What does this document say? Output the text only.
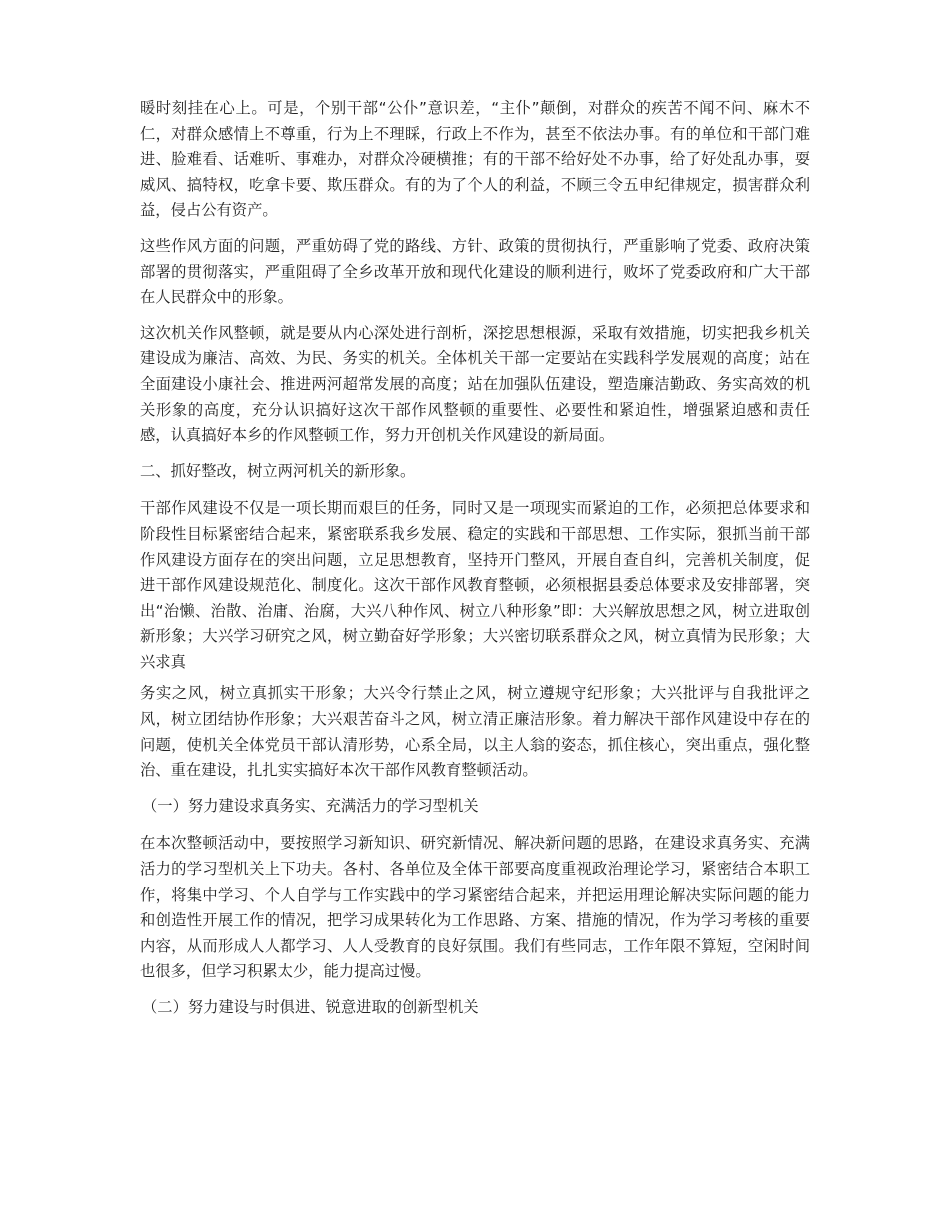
暖时刻挂在心上。可是，个别干部“公仆”意识差，“主仆”颠倒，对群众的疾苦不闻不问、麻木不仁，对群众感情上不尊重，行为上不理睬，行政上不作为，甚至不依法办事。有的单位和干部门难进、脸难看、话难听、事难办，对群众冷硬横推；有的干部不给好处不办事，给了好处乱办事，耍威风、搞特权，吃拿卡要、欺压群众。有的为了个人的利益，不顾三令五申纪律规定，损害群众利益，侵占公有资产。

这些作风方面的问题，严重妨碍了党的路线、方针、政策的贯彻执行，严重影响了党委、政府决策部署的贯彻落实，严重阻碍了全乡改革开放和现代化建设的顺利进行，败坏了党委政府和广大干部在人民群众中的形象。

这次机关作风整顿，就是要从内心深处进行剖析，深挖思想根源，采取有效措施，切实把我乡机关建设成为廉洁、高效、为民、务实的机关。全体机关干部一定要站在实践科学发展观的高度；站在全面建设小康社会、推进两河超常发展的高度；站在加强队伍建设，塑造廉洁勤政、务实高效的机关形象的高度，充分认识搞好这次干部作风整顿的重要性、必要性和紧迫性，增强紧迫感和责任感，认真搞好本乡的作风整顿工作，努力开创机关作风建设的新局面。

二、抓好整改，树立两河机关的新形象。

干部作风建设不仅是一项长期而艰巨的任务，同时又是一项现实而紧迫的工作，必须把总体要求和阶段性目标紧密结合起来，紧密联系我乡发展、稳定的实践和干部思想、工作实际，狠抓当前干部作风建设方面存在的突出问题，立足思想教育，坚持开门整风，开展自查自纠，完善机关制度，促进干部作风建设规范化、制度化。这次干部作风教育整顿，必须根据县委总体要求及安排部署，突出“治懒、治散、治庸、治腐，大兴八种作风、树立八种形象”即：大兴解放思想之风，树立进取创新形象；大兴学习研究之风，树立勤奋好学形象；大兴密切联系群众之风，树立真情为民形象；大兴求真

务实之风，树立真抓实干形象；大兴令行禁止之风，树立遵规守纪形象；大兴批评与自我批评之风，树立团结协作形象；大兴艰苦奋斗之风，树立清正廉洁形象。着力解决干部作风建设中存在的问题，使机关全体党员干部认清形势，心系全局，以主人翁的姿态，抓住核心，突出重点，强化整治、重在建设，扎扎实实搞好本次干部作风教育整顿活动。

（一）努力建设求真务实、充满活力的学习型机关

在本次整顿活动中，要按照学习新知识、研究新情况、解决新问题的思路，在建设求真务实、充满活力的学习型机关上下功夫。各村、各单位及全体干部要高度重视政治理论学习，紧密结合本职工作，将集中学习、个人自学与工作实践中的学习紧密结合起来，并把运用理论解决实际问题的能力和创造性开展工作的情况，把学习成果转化为工作思路、方案、措施的情况，作为学习考核的重要内容，从而形成人人都学习、人人受教育的良好氛围。我们有些同志，工作年限不算短，空闲时间也很多，但学习积累太少，能力提高过慢。

（二）努力建设与时俱进、锐意进取的创新型机关
